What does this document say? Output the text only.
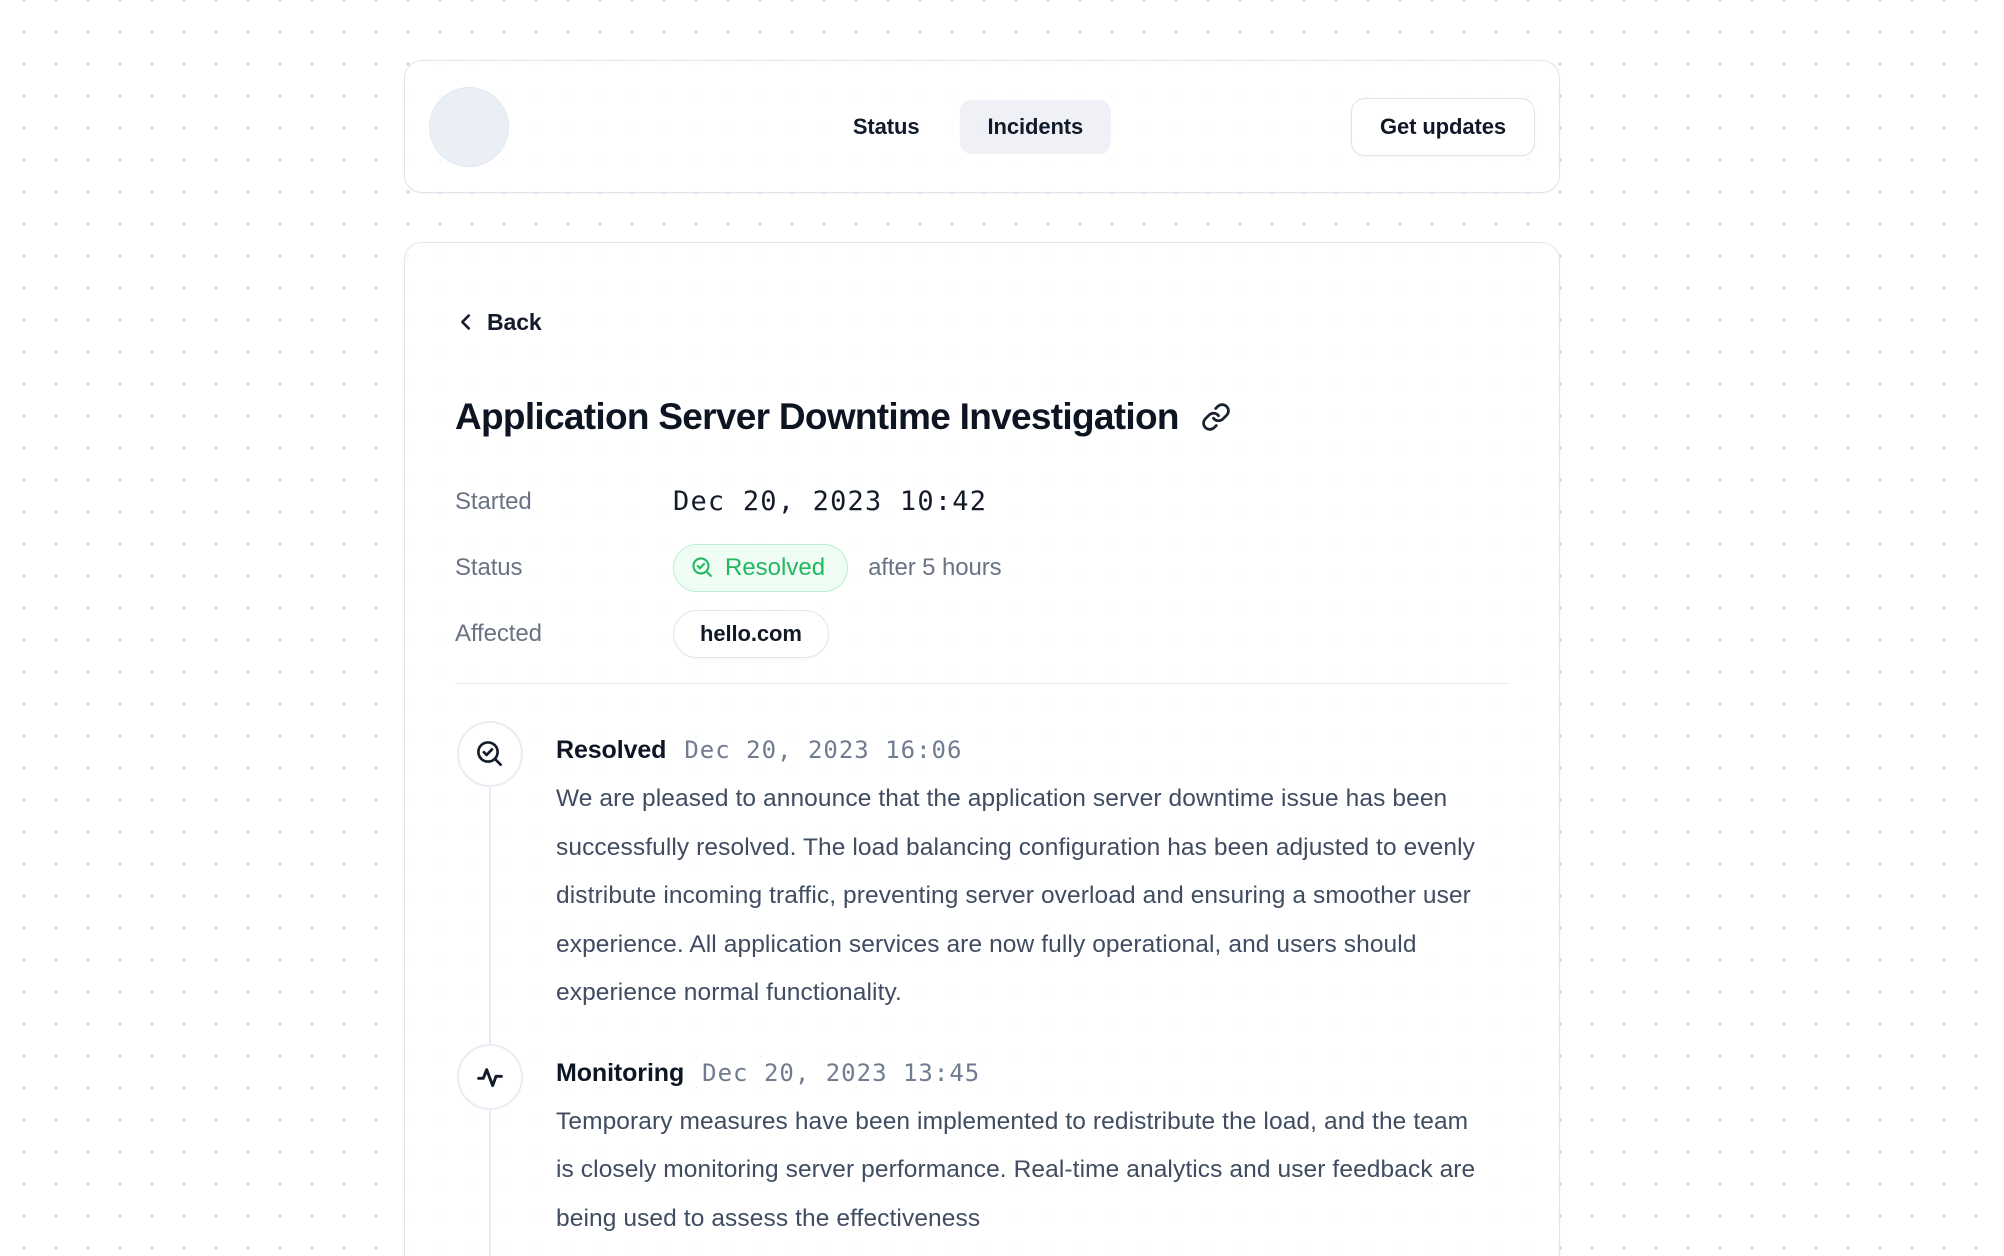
Status	Incidents	Get updates
Back
Application Server Downtime Investigation
Started	Dec 20, 2023 10:42
Status	Resolved after 5 hours
Affected	hello.com
Resolved Dec 20, 2023 16:06

We are pleased to announce that the application server downtime issue has been successfully resolved. The load balancing configuration has been adjusted to evenly distribute incoming traffic, preventing server overload and ensuring a smoother user experience. All application services are now fully operational, and users should experience normal functionality.

Monitoring Dec 20, 2023 13:45

Temporary measures have been implemented to redistribute the load, and the team is closely monitoring server performance. Real-time analytics and user feedback are being used to assess the effectiveness
